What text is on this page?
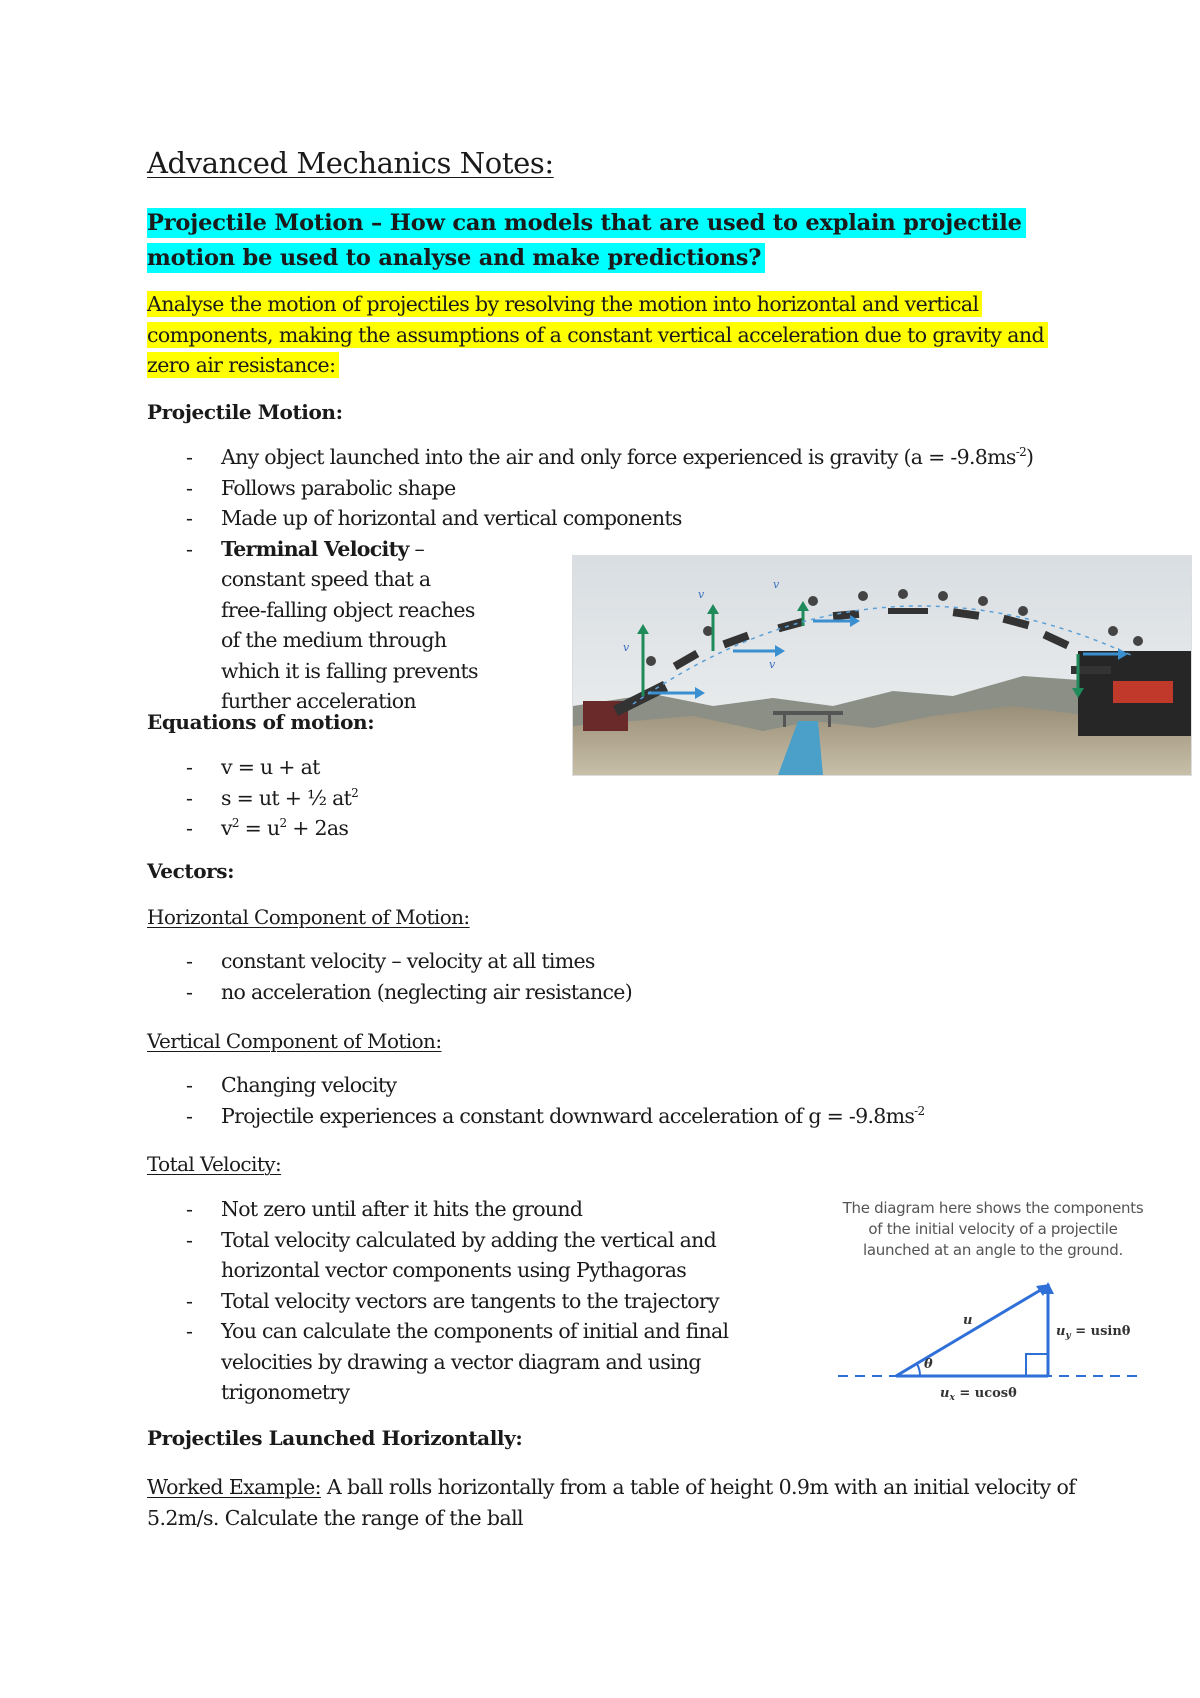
Advanced Mechanics Notes:
Projectile Motion – How can models that are used to explain projectile motion be used to analyse and make predictions?
Analyse the motion of projectiles by resolving the motion into horizontal and vertical components, making the assumptions of a constant vertical acceleration due to gravity and zero air resistance:
Projectile Motion:
- Any object launched into the air and only force experienced is gravity $(a = -9.8ms^{-2})$
- Follows parabolic shape
- Made up of horizontal and vertical components
- Terminal Velocity – constant speed that a free-falling object reaches of the medium through which it is falling prevents further acceleration
v
v
v
v
Equations of motion:
- v = u + at
- s = ut + ½ $at^2$
- $v^2 = u^2 + 2as$
Vectors:
Horizontal Component of Motion:
- constant velocity – velocity at all times
- no acceleration (neglecting air resistance)
Vertical Component of Motion:
- Changing velocity
- Projectile experiences a constant downward acceleration of $g = -9.8ms^{-2}$
Total Velocity:
- Not zero until after it hits the ground
- Total velocity calculated by adding the vertical and horizontal vector components using Pythagoras
- Total velocity vectors are tangents to the trajectory
- You can calculate the components of initial and final velocities by drawing a vector diagram and using trigonometry
The diagram here shows the components of the initial velocity of a projectile launched at an angle to the ground.
u
θ
$u_y = usin\theta$
$u_x = ucos\theta$
Projectiles Launched Horizontally:
Worked Example: A ball rolls horizontally from a table of height 0.9m with an initial velocity of 5.2m/s. Calculate the range of the ball
